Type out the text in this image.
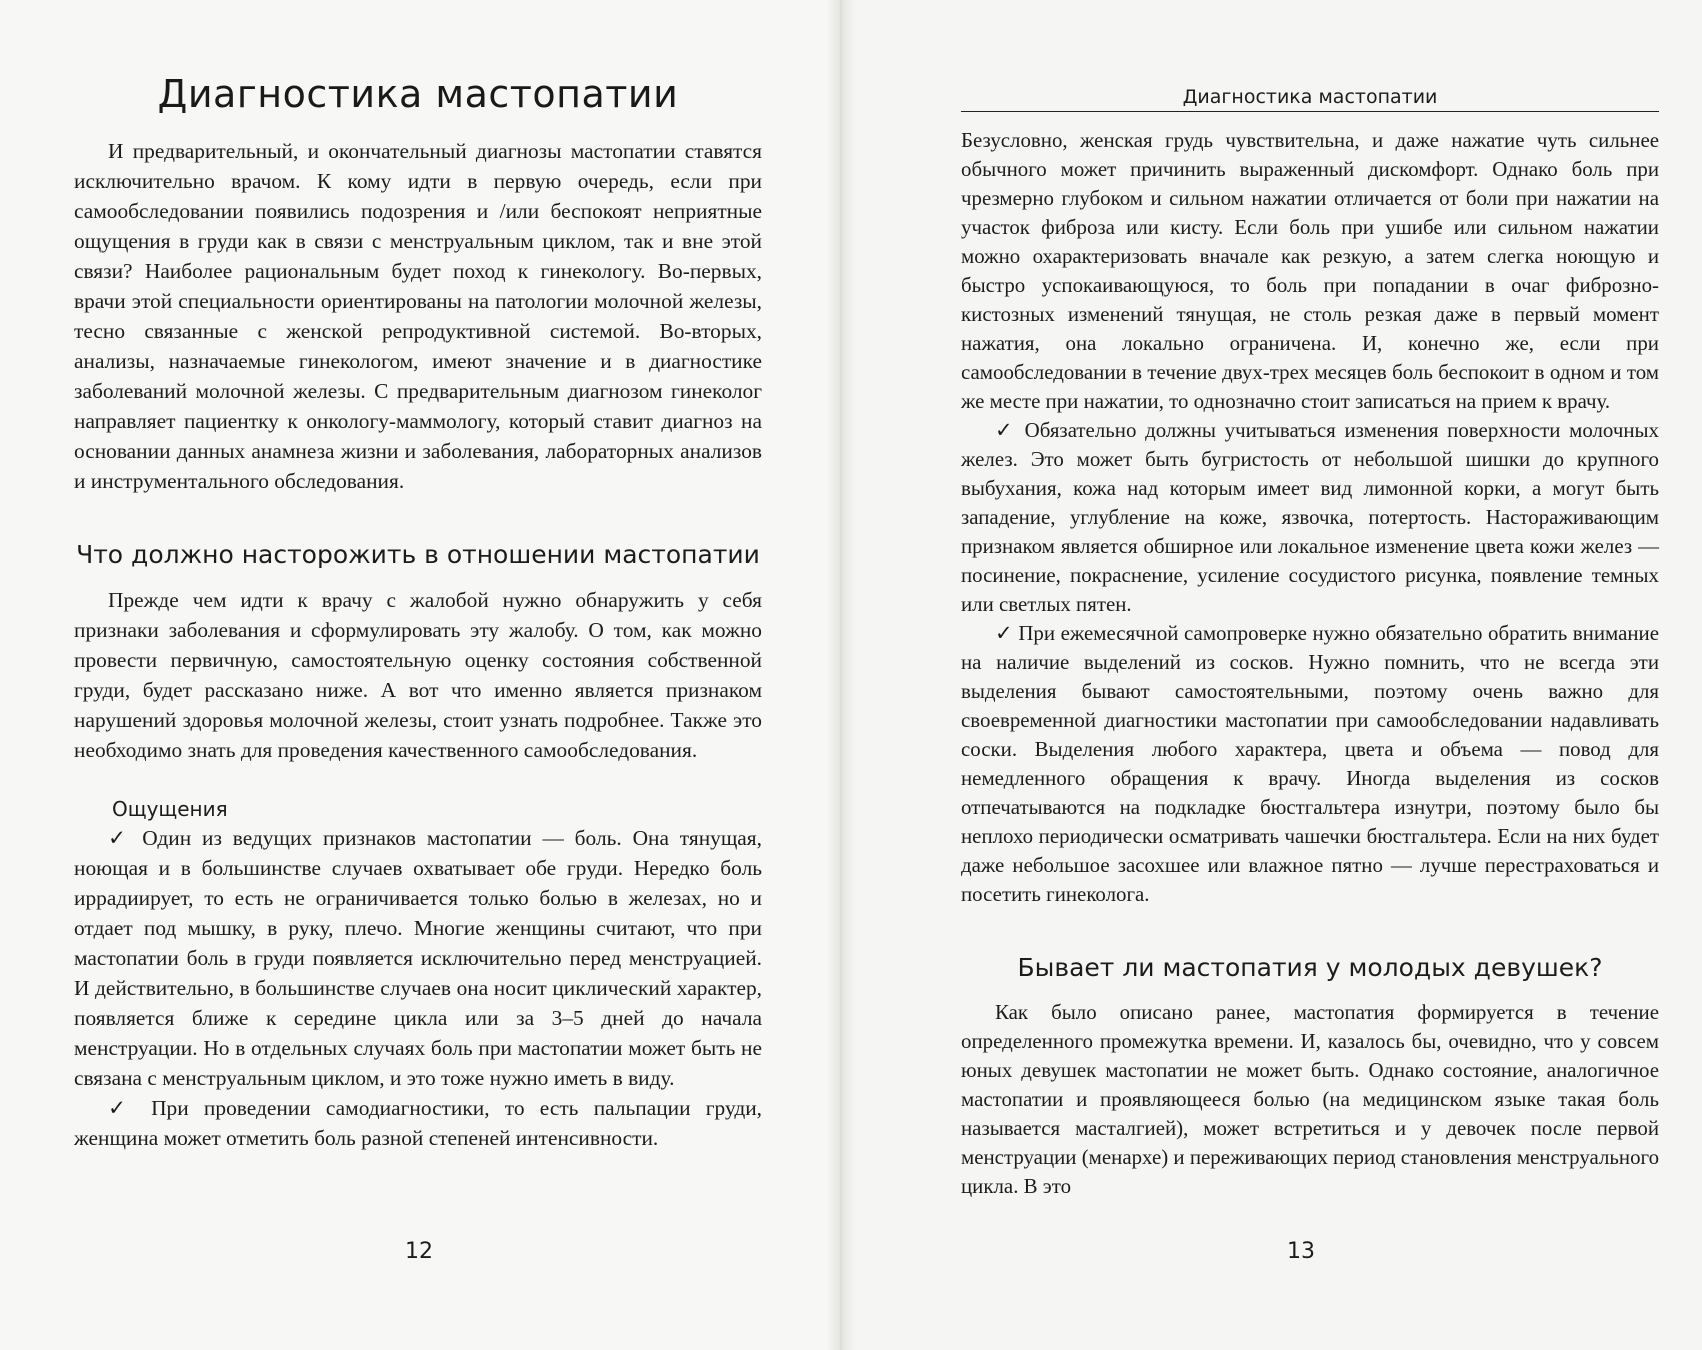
Диагностика мастопатии

И предварительный, и окончательный диагнозы мастопатии ставятся исключительно врачом. К кому идти в первую очередь, если при самообследовании появились подозрения и /или беспокоят неприятные ощущения в груди как в связи с менструальным циклом, так и вне этой связи? Наиболее рациональным будет поход к гинекологу. Во-первых, врачи этой специальности ориентированы на патологии молочной железы, тесно связанные с женской репродуктивной системой. Во-вторых, анализы, назначаемые гинекологом, имеют значение и в диагностике заболеваний молочной железы. С предварительным диагнозом гинеколог направляет пациентку к онкологу-маммологу, который ставит диагноз на основании данных анамнеза жизни и заболевания, лабораторных анализов и инструментального обследования.

Что должно насторожить в отношении мастопатии

Прежде чем идти к врачу с жалобой нужно обнаружить у себя признаки заболевания и сформулировать эту жалобу. О том, как можно провести первичную, самостоятельную оценку состояния собственной груди, будет рассказано ниже. А вот что именно является признаком нарушений здоровья молочной железы, стоит узнать подробнее. Также это необходимо знать для проведения качественного самообследования.

Ощущения

✓ Один из ведущих признаков мастопатии — боль. Она тянущая, ноющая и в большинстве случаев охватывает обе груди. Нередко боль иррадиирует, то есть не ограничивается только болью в железах, но и отдает под мышку, в руку, плечо. Многие женщины считают, что при мастопатии боль в груди появляется исключительно перед менструацией. И действительно, в большинстве случаев она носит циклический характер, появляется ближе к середине цикла или за 3–5 дней до начала менструации. Но в отдельных случаях боль при мастопатии может быть не связана с менструальным циклом, и это тоже нужно иметь в виду.

✓ При проведении самодиагностики, то есть пальпации груди, женщина может отметить боль разной степеней интенсивности.

12
Диагностика мастопатии

Безусловно, женская грудь чувствительна, и даже нажатие чуть сильнее обычного может причинить выраженный дискомфорт. Однако боль при чрезмерно глубоком и сильном нажатии отличается от боли при нажатии на участок фиброза или кисту. Если боль при ушибе или сильном нажатии можно охарактеризовать вначале как резкую, а затем слегка ноющую и быстро успокаивающуюся, то боль при попадании в очаг фиброзно-кистозных изменений тянущая, не столь резкая даже в первый момент нажатия, она локально ограничена. И, конечно же, если при самообследовании в течение двух-трех месяцев боль беспокоит в одном и том же месте при нажатии, то однозначно стоит записаться на прием к врачу.

✓ Обязательно должны учитываться изменения поверхности молочных желез. Это может быть бугристость от небольшой шишки до крупного выбухания, кожа над которым имеет вид лимонной корки, а могут быть западение, углубление на коже, язвочка, потертость. Настораживающим признаком является обширное или локальное изменение цвета кожи желез — посинение, покраснение, усиление сосудистого рисунка, появление темных или светлых пятен.

✓ При ежемесячной самопроверке нужно обязательно обратить внимание на наличие выделений из сосков. Нужно помнить, что не всегда эти выделения бывают самостоятельными, поэтому очень важно для своевременной диагностики мастопатии при самообследовании надавливать соски. Выделения любого характера, цвета и объема — повод для немедленного обращения к врачу. Иногда выделения из сосков отпечатываются на подкладке бюстгальтера изнутри, поэтому было бы неплохо периодически осматривать чашечки бюстгальтера. Если на них будет даже небольшое засохшее или влажное пятно — лучше перестраховаться и посетить гинеколога.

Бывает ли мастопатия у молодых девушек?

Как было описано ранее, мастопатия формируется в течение определенного промежутка времени. И, казалось бы, очевидно, что у совсем юных девушек мастопатии не может быть. Однако состояние, аналогичное мастопатии и проявляющееся болью (на медицинском языке такая боль называется масталгией), может встретиться и у девочек после первой менструации (менархе) и переживающих период становления менструального цикла. В это

13
